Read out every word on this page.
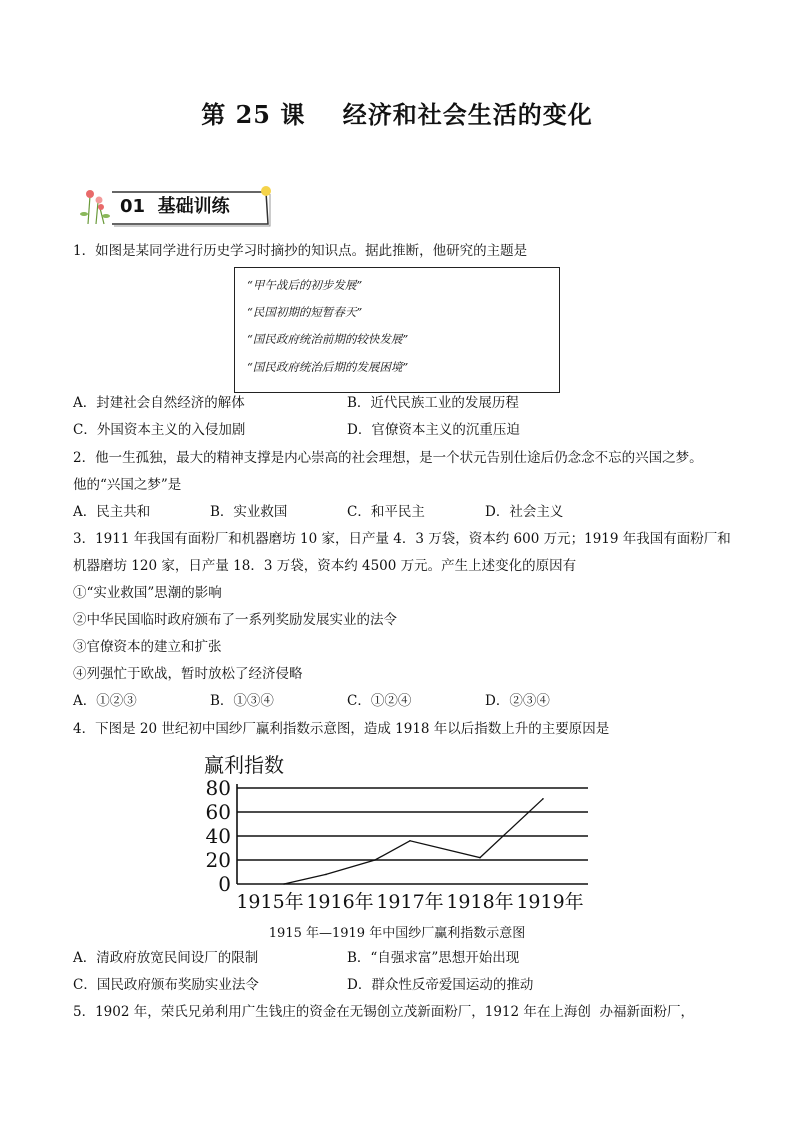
第 25 课    经济和社会生活的变化
01 基础训练
1．如图是某同学进行历史学习时摘抄的知识点。据此推断，他研究的主题是
“甲午战后的初步发展”
“民国初期的短暂春天”
“国民政府统治前期的较快发展”
“国民政府统治后期的发展困境”
A．封建社会自然经济的解体	B．近代民族工业的发展历程
C．外国资本主义的入侵加剧	D．官僚资本主义的沉重压迫
2．他一生孤独，最大的精神支撑是内心崇高的社会理想，是一个状元告别仕途后仍念念不忘的兴国之梦。
他的“兴国之梦”是
A．民主共和	B．实业救国	C．和平民主	D．社会主义
3．1911 年我国有面粉厂和机器磨坊 10 家，日产量 4．3 万袋，资本约 600 万元；1919 年我国有面粉厂和
机器磨坊 120 家，日产量 18．3 万袋，资本约 4500 万元。产生上述变化的原因有
①“实业救国”思潮的影响
②中华民国临时政府颁布了一系列奖励发展实业的法令
③官僚资本的建立和扩张
④列强忙于欧战，暂时放松了经济侵略
A．①②③	B．①③④	C．①②④	D．②③④
4．下图是 20 世纪初中国纱厂赢利指数示意图，造成 1918 年以后指数上升的主要原因是
赢利指数
0
20
40
60
80
1915年 1916年 1917年 1918年 1919年
1915 年—1919 年中国纱厂赢利指数示意图
A．清政府放宽民间设厂的限制	B．“自强求富”思想开始出现
C．国民政府颁布奖励实业法令	D．群众性反帝爱国运动的推动
5．1902 年，荣氏兄弟利用广生钱庄的资金在无锡创立茂新面粉厂，1912 年在上海创  办福新面粉厂，
